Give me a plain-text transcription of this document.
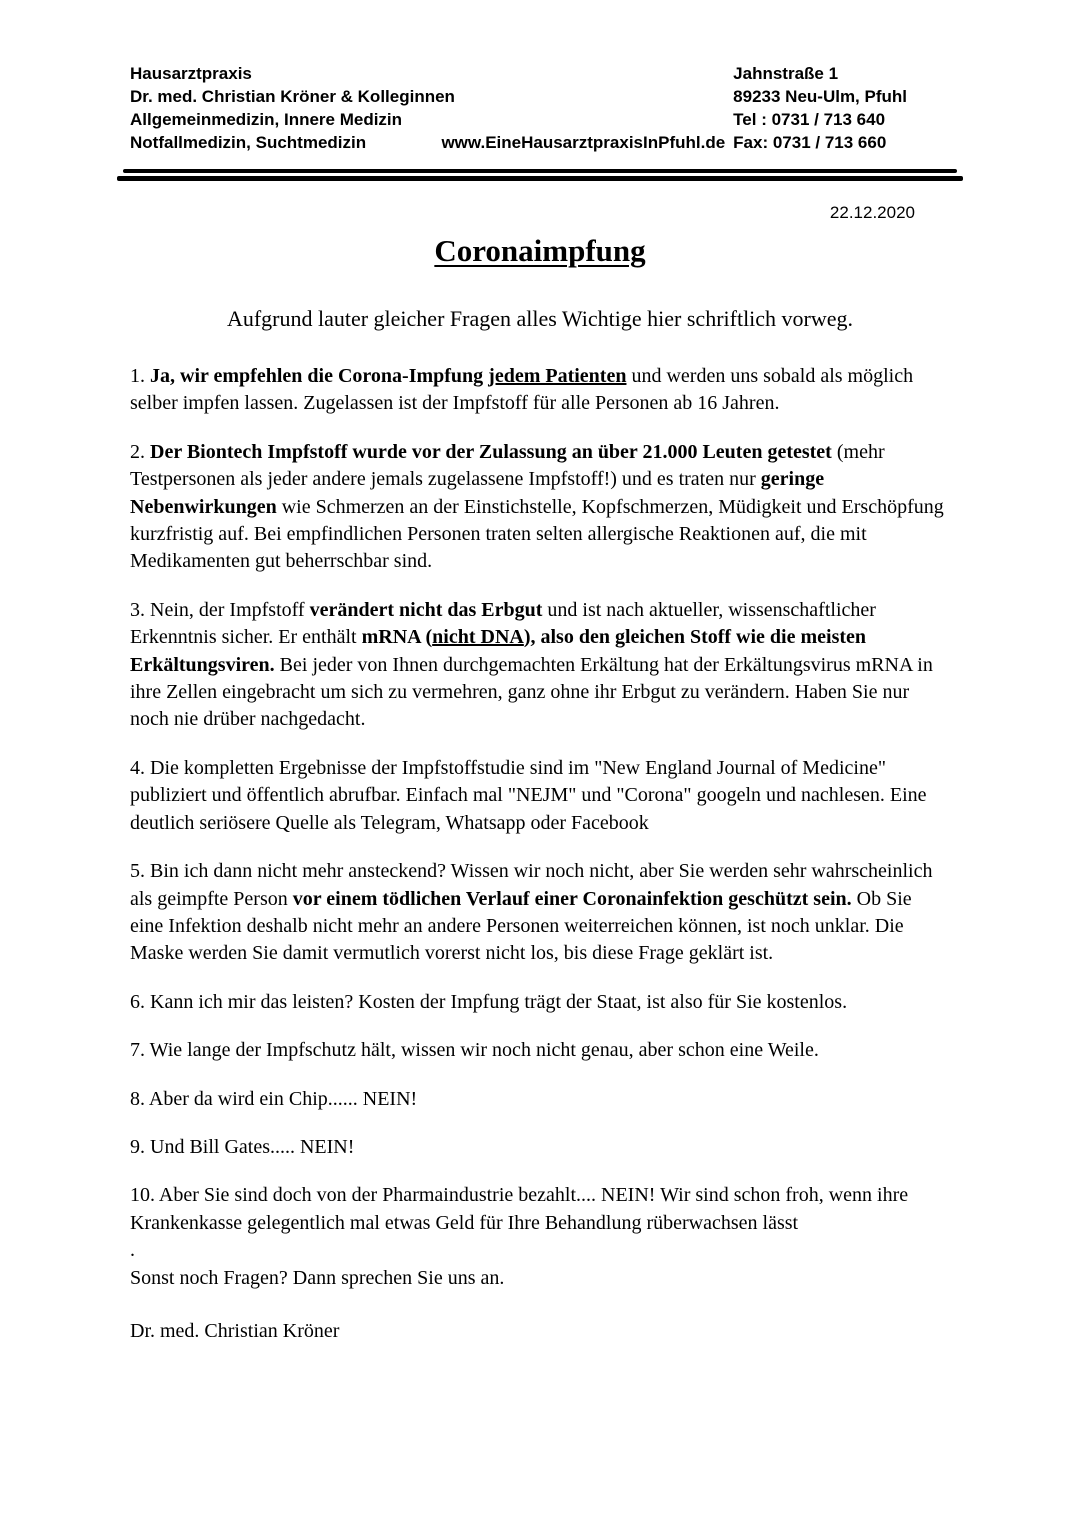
Hausarztpraxis
Dr. med. Christian Kröner & Kolleginnen
Allgemeinmedizin, Innere Medizin
Notfallmedizin, Suchtmedizin	www.EineHausarztpraxisInPfuhl.de
Jahnstraße 1
89233 Neu-Ulm, Pfuhl
Tel : 0731 / 713 640
Fax: 0731 / 713 660
22.12.2020
Coronaimpfung

Aufgrund lauter gleicher Fragen alles Wichtige hier schriftlich vorweg.

1. Ja, wir empfehlen die Corona-Impfung jedem Patienten und werden uns sobald als möglich selber impfen lassen. Zugelassen ist der Impfstoff für alle Personen ab 16 Jahren.

2. Der Biontech Impfstoff wurde vor der Zulassung an über 21.000 Leuten getestet (mehr Testpersonen als jeder andere jemals zugelassene Impfstoff!) und es traten nur geringe Nebenwirkungen wie Schmerzen an der Einstichstelle, Kopfschmerzen, Müdigkeit und Erschöpfung kurzfristig auf. Bei empfindlichen Personen traten selten allergische Reaktionen auf, die mit Medikamenten gut beherrschbar sind.

3. Nein, der Impfstoff verändert nicht das Erbgut und ist nach aktueller, wissenschaftlicher Erkenntnis sicher. Er enthält mRNA (nicht DNA), also den gleichen Stoff wie die meisten Erkältungsviren. Bei jeder von Ihnen durchgemachten Erkältung hat der Erkältungsvirus mRNA in ihre Zellen eingebracht um sich zu vermehren, ganz ohne ihr Erbgut zu verändern. Haben Sie nur noch nie drüber nachgedacht.

4. Die kompletten Ergebnisse der Impfstoffstudie sind im "New England Journal of Medicine" publiziert und öffentlich abrufbar. Einfach mal "NEJM" und "Corona" googeln und nachlesen. Eine deutlich seriösere Quelle als Telegram, Whatsapp oder Facebook

5. Bin ich dann nicht mehr ansteckend? Wissen wir noch nicht, aber Sie werden sehr wahrscheinlich als geimpfte Person vor einem tödlichen Verlauf einer Coronainfektion geschützt sein. Ob Sie eine Infektion deshalb nicht mehr an andere Personen weiterreichen können, ist noch unklar. Die Maske werden Sie damit vermutlich vorerst nicht los, bis diese Frage geklärt ist.

6. Kann ich mir das leisten? Kosten der Impfung trägt der Staat, ist also für Sie kostenlos.

7. Wie lange der Impfschutz hält, wissen wir noch nicht genau, aber schon eine Weile.

8. Aber da wird ein Chip...... NEIN!

9. Und Bill Gates..... NEIN!

10. Aber Sie sind doch von der Pharmaindustrie bezahlt.... NEIN! Wir sind schon froh, wenn ihre Krankenkasse gelegentlich mal etwas Geld für Ihre Behandlung rüberwachsen lässt
.
Sonst noch Fragen? Dann sprechen Sie uns an.

Dr. med. Christian Kröner
